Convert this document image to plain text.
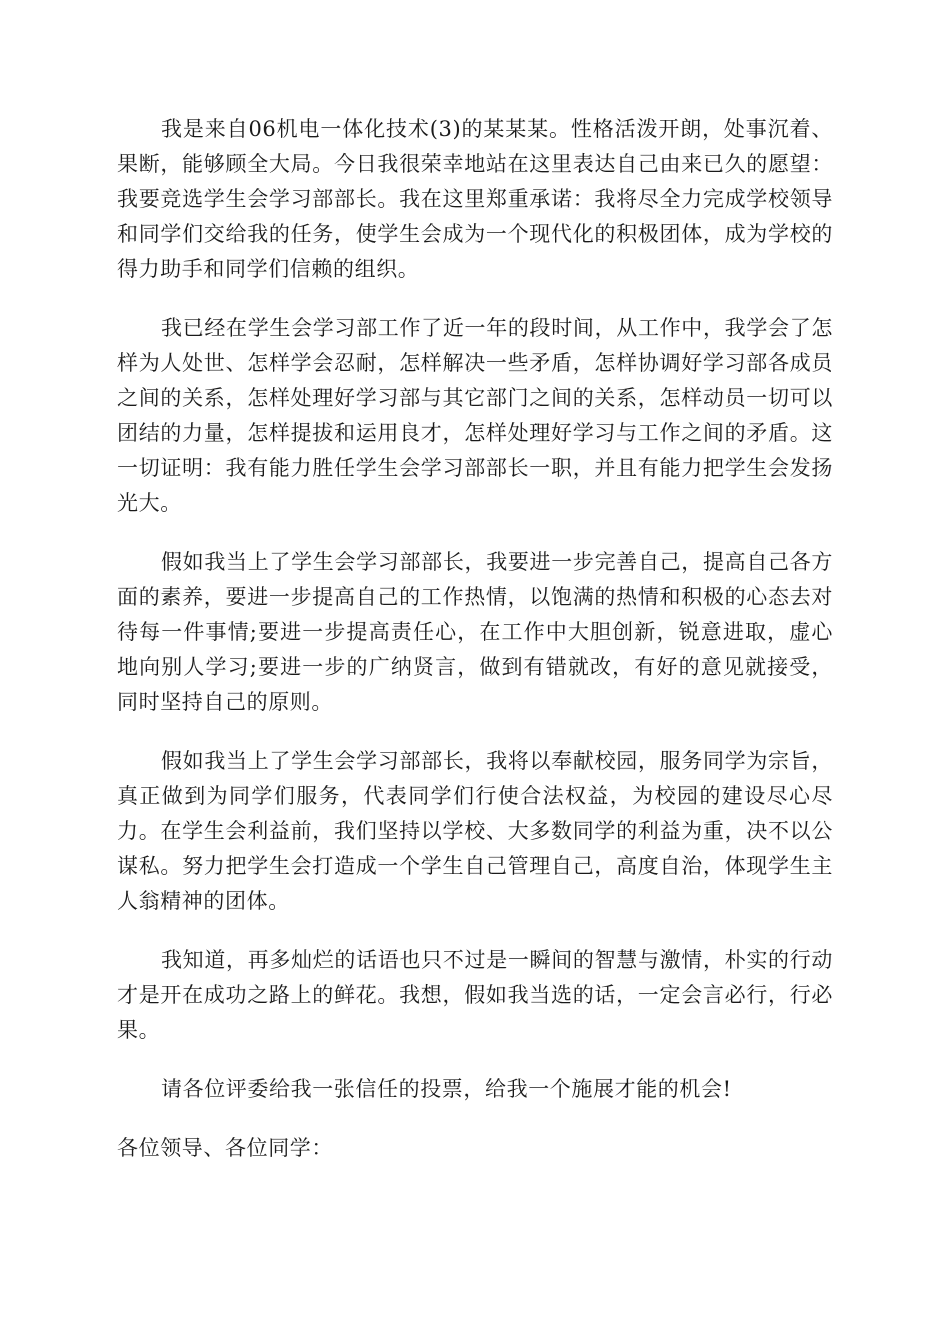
我是来自06机电一体化技术(3)的某某某。性格活泼开朗，处事沉着、果断，能够顾全大局。今日我很荣幸地站在这里表达自己由来已久的愿望：我要竞选学生会学习部部长。我在这里郑重承诺：我将尽全力完成学校领导和同学们交给我的任务，使学生会成为一个现代化的积极团体，成为学校的得力助手和同学们信赖的组织。

我已经在学生会学习部工作了近一年的段时间，从工作中，我学会了怎样为人处世、怎样学会忍耐，怎样解决一些矛盾，怎样协调好学习部各成员之间的关系，怎样处理好学习部与其它部门之间的关系，怎样动员一切可以团结的力量，怎样提拔和运用良才，怎样处理好学习与工作之间的矛盾。这一切证明：我有能力胜任学生会学习部部长一职，并且有能力把学生会发扬光大。

假如我当上了学生会学习部部长，我要进一步完善自己，提高自己各方面的素养，要进一步提高自己的工作热情，以饱满的热情和积极的心态去对待每一件事情;要进一步提高责任心，在工作中大胆创新，锐意进取，虚心地向别人学习;要进一步的广纳贤言，做到有错就改，有好的意见就接受，同时坚持自己的原则。

假如我当上了学生会学习部部长，我将以奉献校园，服务同学为宗旨，真正做到为同学们服务，代表同学们行使合法权益，为校园的建设尽心尽力。在学生会利益前，我们坚持以学校、大多数同学的利益为重，决不以公谋私。努力把学生会打造成一个学生自己管理自己，高度自治，体现学生主人翁精神的团体。

我知道，再多灿烂的话语也只不过是一瞬间的智慧与激情，朴实的行动才是开在成功之路上的鲜花。我想，假如我当选的话，一定会言必行，行必果。

请各位评委给我一张信任的投票，给我一个施展才能的机会!

各位领导、各位同学：
